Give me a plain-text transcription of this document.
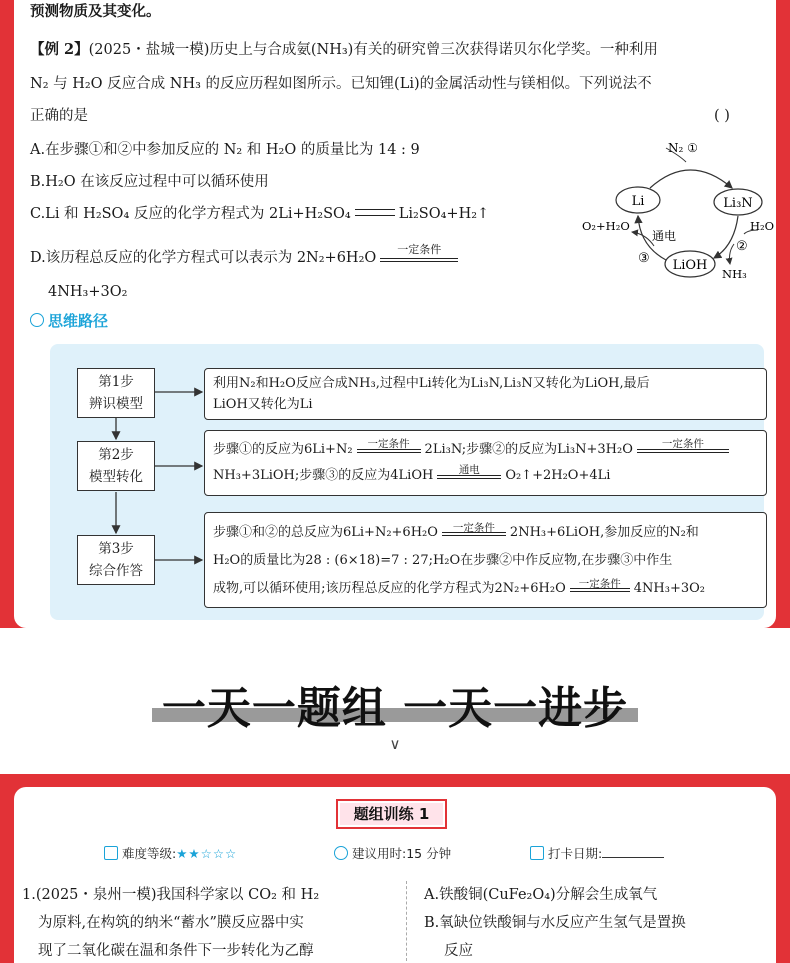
预测物质及其变化。
【例 2】(2025・盐城一模)历史上与合成氨(NH₃)有关的研究曾三次获得诺贝尔化学奖。一种利用
N₂ 与 H₂O 反应合成 NH₃ 的反应历程如图所示。已知锂(Li)的金属活动性与镁相似。下列说法不
正确的是	( )
A.在步骤①和②中参加反应的 N₂ 和 H₂O 的质量比为 14 : 9
B.H₂O 在该反应过程中可以循环使用
C.Li 和 H₂SO₄ 反应的化学方程式为 2Li+H₂SO₄	Li₂SO₄+H₂↑
D.该历程总反应的化学方程式可以表示为 2N₂+6H₂O
一定条件
4NH₃+3O₂
Li	Li₃N
LiOH
N₂ ①
H₂O
②
NH₃
③
O₂+H₂O
通电
思维路径
第1步
辨识模型
第2步
模型转化
第3步
综合作答
利用N₂和H₂O反应合成NH₃,过程中Li转化为Li₃N,Li₃N又转化为LiOH,最后
LiOH又转化为Li
步骤①的反应为6Li+N₂	一定条件	2Li₃N;步骤②的反应为Li₃N+3H₂O	一定条件
NH₃+3LiOH;步骤③的反应为4LiOH	通电	O₂↑+2H₂O+4Li
步骤①和②的总反应为6Li+N₂+6H₂O	一定条件	2NH₃+6LiOH,参加反应的N₂和
H₂O的质量比为28 : (6×18)=7 : 27;H₂O在步骤②中作反应物,在步骤③中作生
成物,可以循环使用;该历程总反应的化学方程式为2N₂+6H₂O	一定条件	4NH₃+3O₂
一天一题组 一天一进步
∨
题组训练 1
难度等级:★★☆☆☆	建议用时:15 分钟	打卡日期:
1.(2025・泉州一模)我国科学家以 CO₂ 和 H₂
为原料,在构筑的纳米“蓄水”膜反应器中实
现了二氧化碳在温和条件下一步转化为乙醇
A.铁酸铜(CuFe₂O₄)分解会生成氧气
B.氧缺位铁酸铜与水反应产生氢气是置换
反应
